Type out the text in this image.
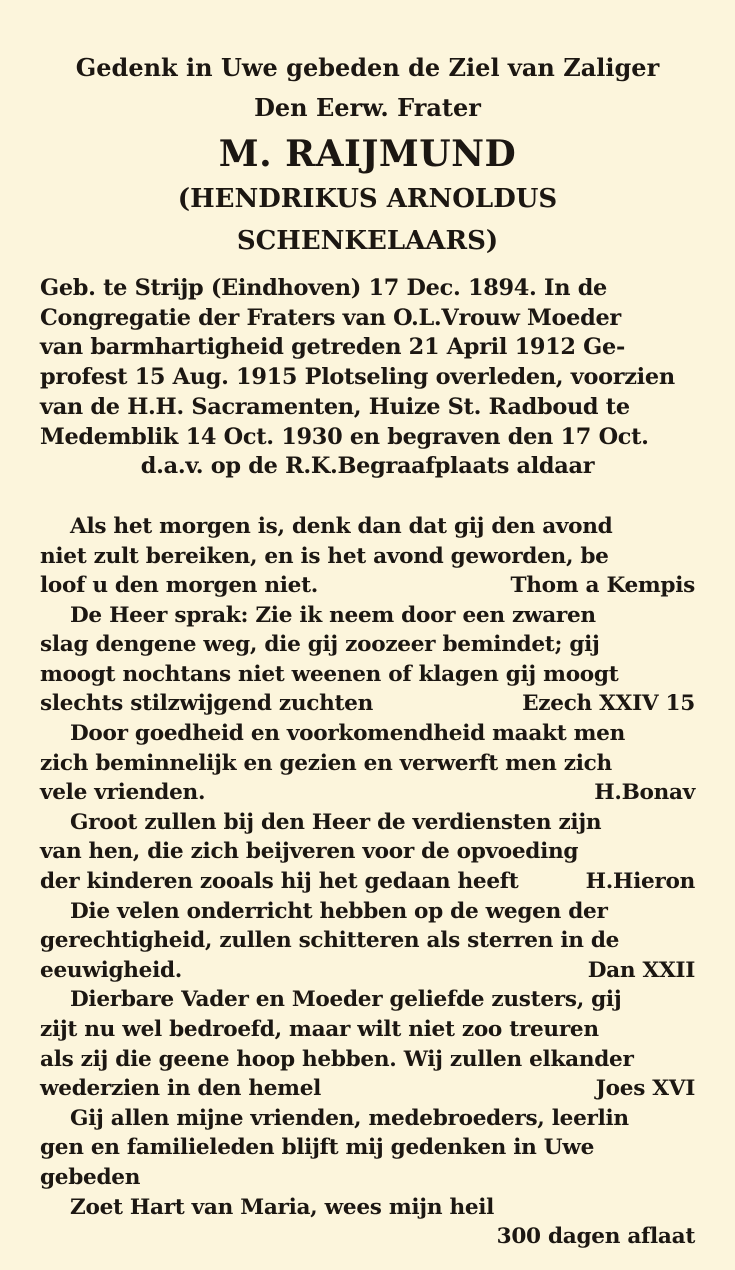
Gedenk in Uwe gebeden de Ziel van Zaliger
Den Eerw. Frater
M. RAIJMUND
(HENDRIKUS ARNOLDUS
SCHENKELAARS)
Geb. te Strijp (Eindhoven) 17 Dec. 1894. In de
Congregatie der Fraters van O.L.Vrouw Moeder
van barmhartigheid getreden 21 April 1912 Ge-
profest 15 Aug. 1915 Plotseling overleden, voorzien
van de H.H. Sacramenten, Huize St. Radboud te
Medemblik 14 Oct. 1930 en begraven den 17 Oct.
d.a.v. op de R.K.Begraafplaats aldaar
Als het morgen is, denk dan dat gij den avond
niet zult bereiken, en is het avond geworden, be
loof u den morgen niet.	Thom a Kempis
De Heer sprak: Zie ik neem door een zwaren
slag dengene weg, die gij zoozeer bemindet; gij
moogt nochtans niet weenen of klagen gij moogt
slechts stilzwijgend zuchten	Ezech XXIV 15
Door goedheid en voorkomendheid maakt men
zich beminnelijk en gezien en verwerft men zich
vele vrienden.	H.Bonav
Groot zullen bij den Heer de verdiensten zijn
van hen, die zich beijveren voor de opvoeding
der kinderen zooals hij het gedaan heeft	H.Hieron
Die velen onderricht hebben op de wegen der
gerechtigheid, zullen schitteren als sterren in de
eeuwigheid.	Dan XXII
Dierbare Vader en Moeder geliefde zusters, gij
zijt nu wel bedroefd, maar wilt niet zoo treuren
als zij die geene hoop hebben. Wij zullen elkander
wederzien in den hemel	Joes XVI
Gij allen mijne vrienden, medebroeders, leerlin
gen en familieleden blijft mij gedenken in Uwe
gebeden
Zoet Hart van Maria, wees mijn heil
300 dagen aflaat
